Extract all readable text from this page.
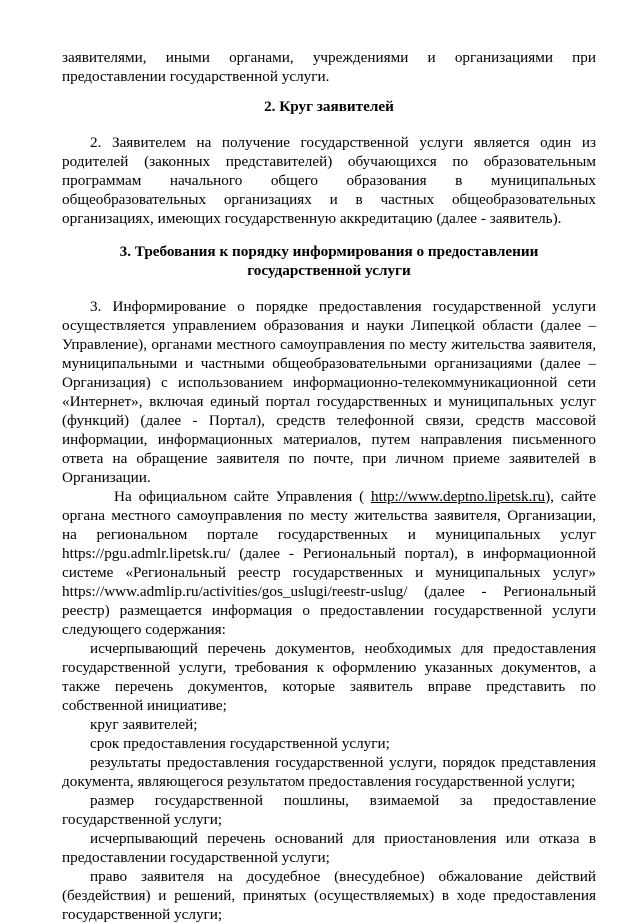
заявителями, иными органами, учреждениями и организациями при предоставлении государственной услуги.

2. Круг заявителей

2. Заявителем на получение государственной услуги является один из родителей (законных представителей) обучающихся по образовательным программам начального общего образования в муниципальных общеобразовательных организациях и в частных общеобразовательных организациях, имеющих государственную аккредитацию (далее - заявитель).

3. Требования к порядку информирования о предоставлении
государственной услуги

3. Информирование о порядке предоставления государственной услуги осуществляется управлением образования и науки Липецкой области (далее – Управление), органами местного самоуправления по месту жительства заявителя, муниципальными и частными общеобразовательными организациями (далее – Организация) с использованием информационно-телекоммуникационной сети «Интернет», включая единый портал государственных и муниципальных услуг (функций) (далее - Портал), средств телефонной связи, средств массовой информации, информационных материалов, путем направления письменного ответа на обращение заявителя по почте, при личном приеме заявителей в Организации.

На официальном сайте Управления ( http://www.deptno.lipetsk.ru), сайте органа местного самоуправления по месту жительства заявителя, Организации, на региональном портале государственных и муниципальных услуг https://pgu.admlr.lipetsk.ru/ (далее - Региональный портал), в информационной системе «Региональный реестр государственных и муниципальных услуг» https://www.admlip.ru/activities/gos_uslugi/reestr-uslug/ (далее - Региональный реестр) размещается информация о предоставлении государственной услуги следующего содержания:

исчерпывающий перечень документов, необходимых для предоставления государственной услуги, требования к оформлению указанных документов, а также перечень документов, которые заявитель вправе представить по собственной инициативе;

круг заявителей;

срок предоставления государственной услуги;

результаты предоставления государственной услуги, порядок представления документа, являющегося результатом предоставления государственной услуги;

размер государственной пошлины, взимаемой за предоставление государственной услуги;

исчерпывающий перечень оснований для приостановления или отказа в предоставлении государственной услуги;

право заявителя на досудебное (внесудебное) обжалование действий (бездействия) и решений, принятых (осуществляемых) в ходе предоставления государственной услуги;
